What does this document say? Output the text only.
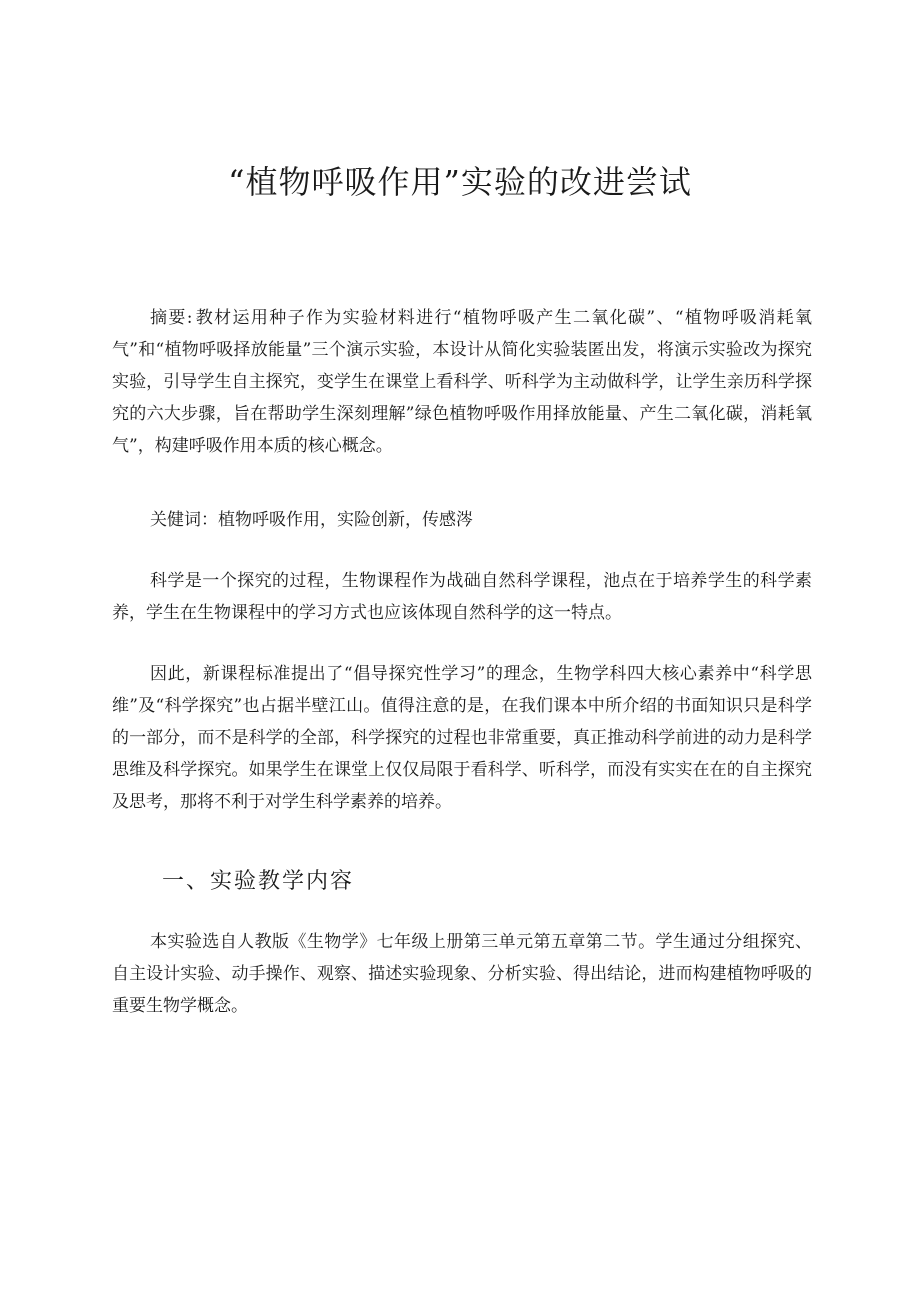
“植物呼吸作用”实验的改进尝试

摘要: 教材运用种子作为实验材料进行“植物呼吸产生二氧化碳”、“植物呼吸消耗氧气”和“植物呼吸择放能量”三个演示实验，本设计从简化实验装匿出发，将演示实验改为探究实验，引导学生自主探究，变学生在课堂上看科学、听科学为主动做科学，让学生亲历科学探究的六大步骤，旨在帮助学生深刻理解”绿色植物呼吸作用择放能量、产生二氧化碳，消耗氧气”，构建呼吸作用本质的核心概念。

关健词：植物呼吸作用，实险创新，传感涔

科学是一个探究的过程，生物课程作为战础自然科学课程，池点在于培养学生的科学素养，学生在生物课程中的学习方式也应该体现自然科学的这一特点。

因此，新课程标准提出了“倡导探究性学习”的理念，生物学科四大核心素养中“科学思维”及“科学探究”也占据半壁江山。值得注意的是，在我们课本中所介绍的书面知识只是科学的一部分，而不是科学的全部，科学探究的过程也非常重要，真正推动科学前进的动力是科学思维及科学探究。如果学生在课堂上仅仅局限于看科学、听科学，而没有实实在在的自主探究及思考，那将不利于对学生科学素养的培养。

一、实验教学内容

本实验选自人教版《生物学》七年级上册第三单元第五章第二节。学生通过分组探究、自主设计实验、动手操作、观察、描述实验现象、分析实验、得出结论，进而构建植物呼吸的重要生物学概念。
